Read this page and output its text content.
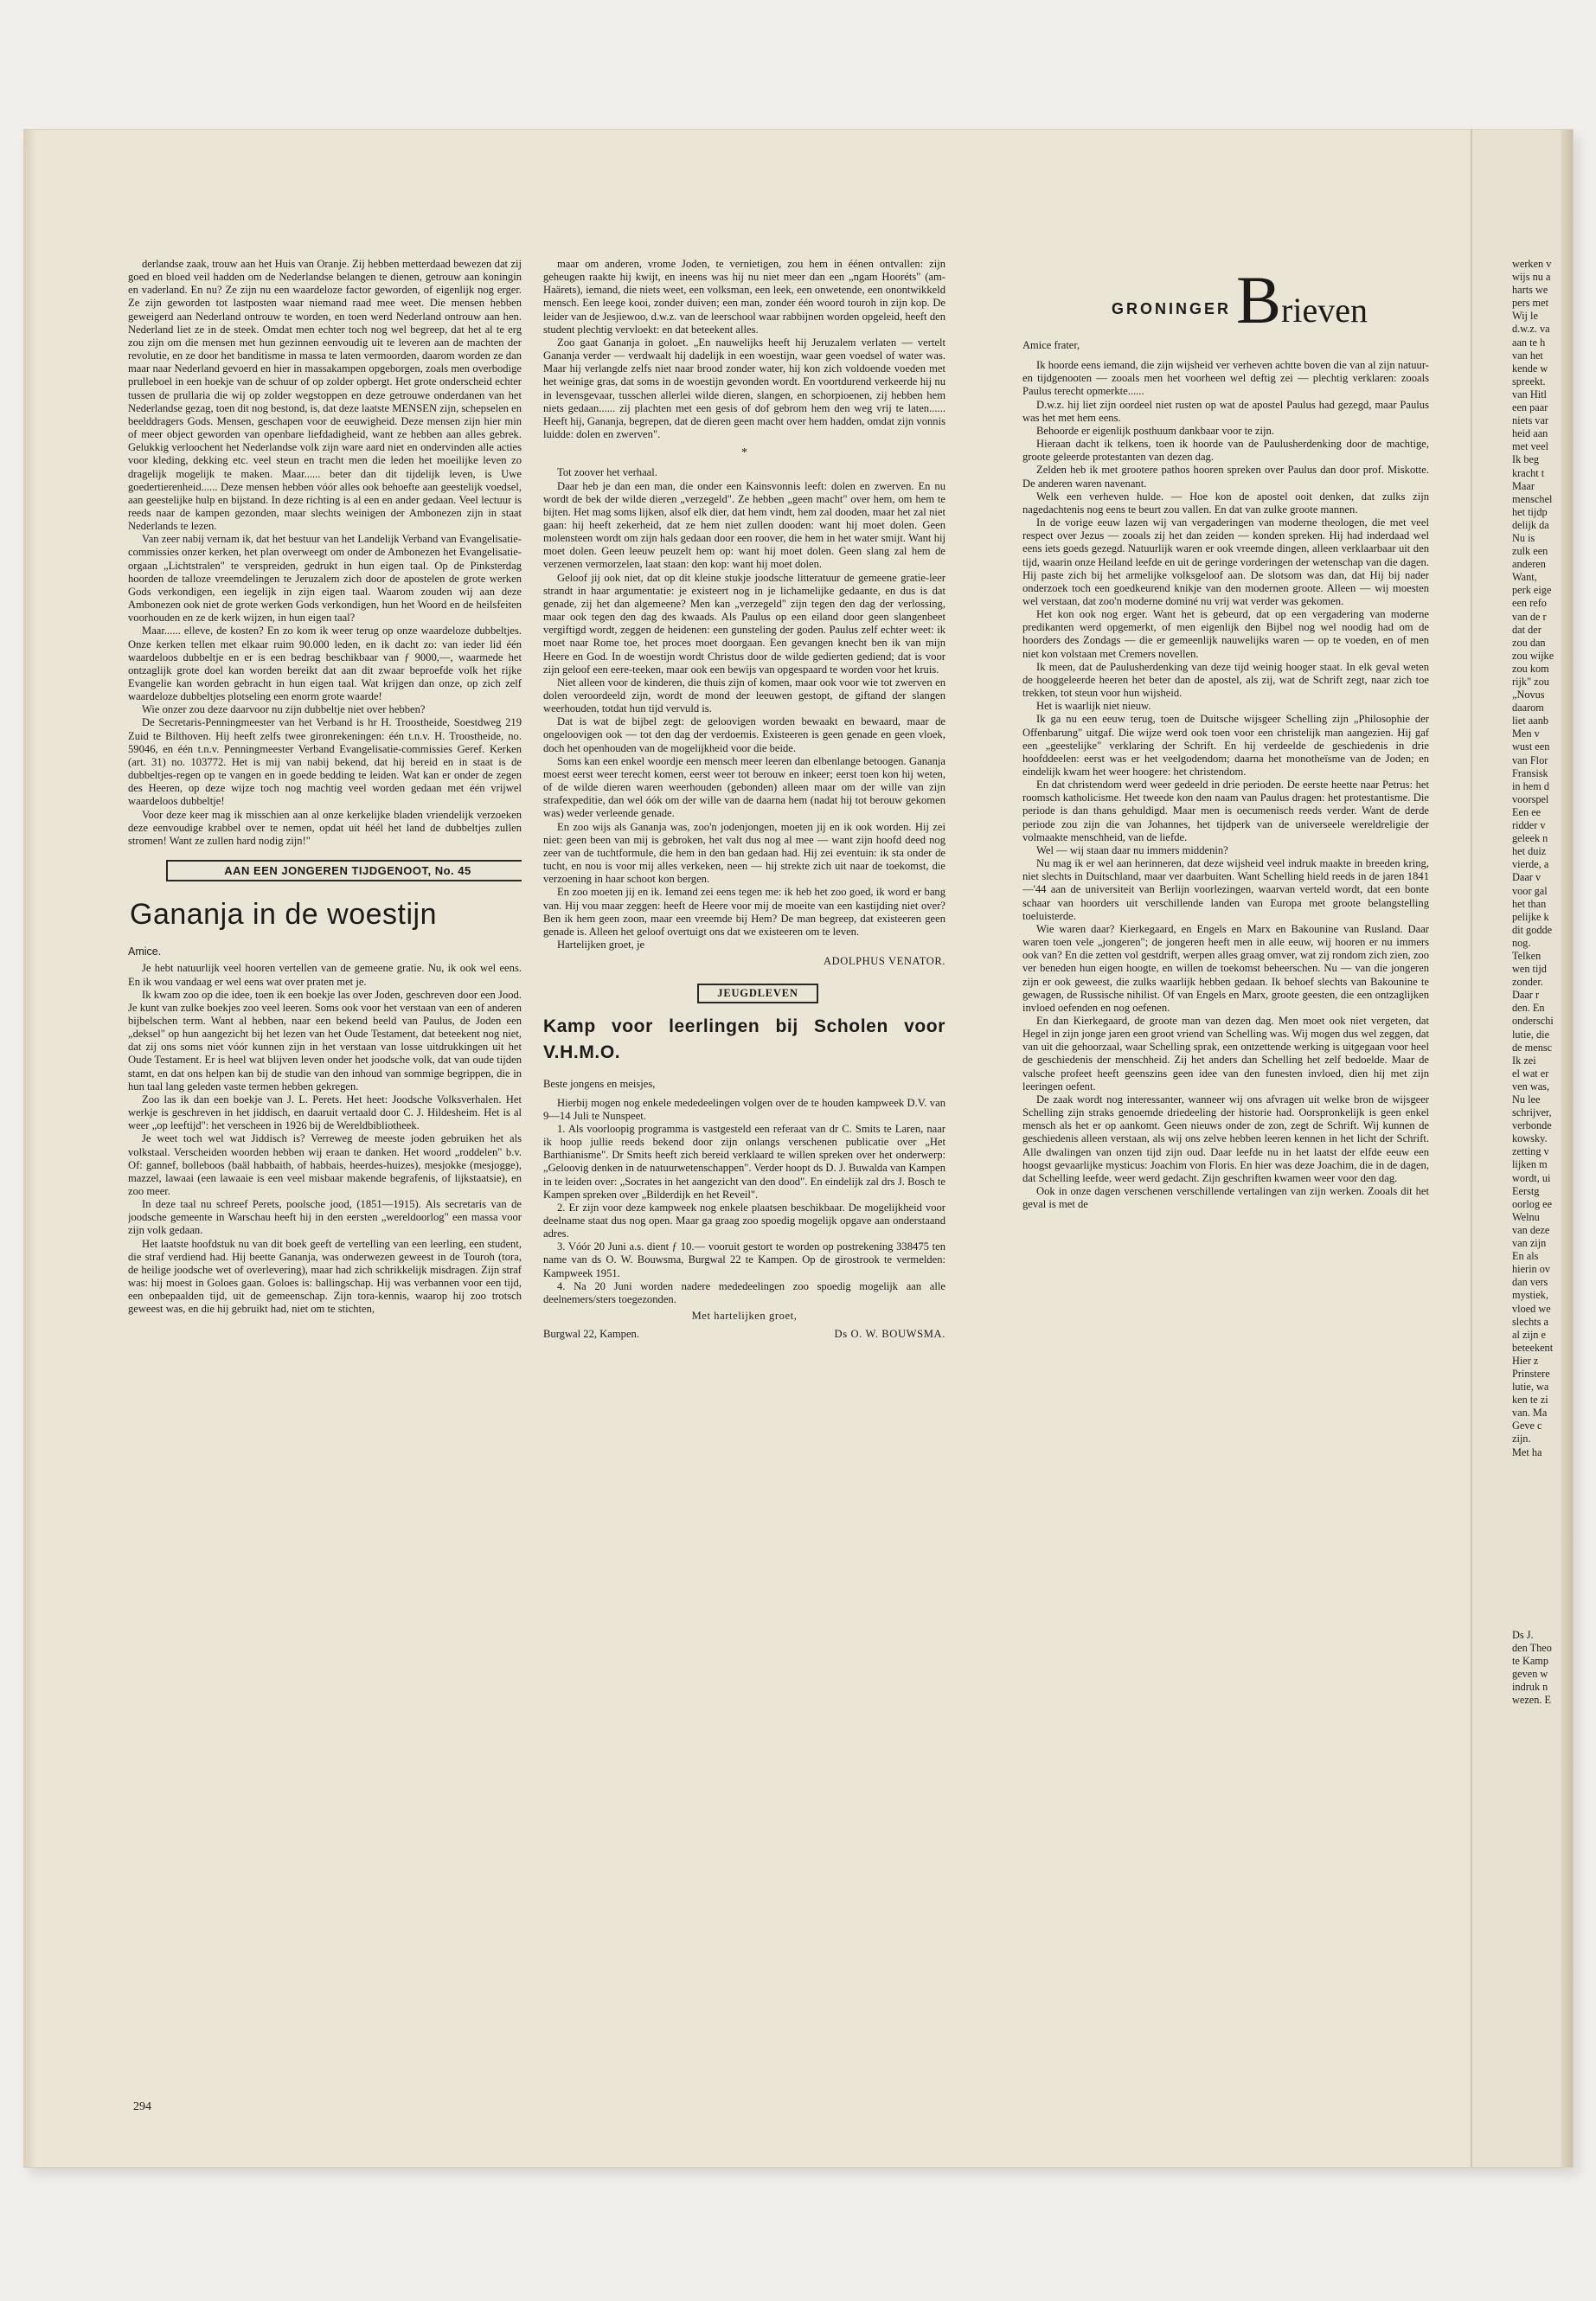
derlandse zaak, trouw aan het Huis van Oranje. Zij hebben metterdaad bewezen dat zij goed en bloed veil hadden om de Nederlandse belangen te dienen, getrouw aan koningin en vaderland. En nu? Ze zijn nu een waardeloze factor geworden, of eigenlijk nog erger. Ze zijn geworden tot lastposten waar niemand raad mee weet. Die mensen hebben geweigerd aan Nederland ontrouw te worden, en toen werd Nederland ontrouw aan hen. Nederland liet ze in de steek. Omdat men echter toch nog wel begreep, dat het al te erg zou zijn om die mensen met hun gezinnen eenvoudig uit te leveren aan de machten der revolutie, en ze door het banditisme in massa te laten vermoorden, daarom worden ze dan maar naar Nederland gevoerd en hier in massakampen opgeborgen, zoals men overbodige prulleboel in een hoekje van de schuur of op zolder opbergt. Het grote onderscheid echter tussen de prullaria die wij op zolder wegstoppen en deze getrouwe onderdanen van het Nederlandse gezag, toen dit nog bestond, is, dat deze laatste MENSEN zijn, schepselen en beelddragers Gods. Mensen, geschapen voor de eeuwigheid. Deze mensen zijn hier min of meer object geworden van openbare liefdadigheid, want ze hebben aan alles gebrek. Gelukkig verloochent het Nederlandse volk zijn ware aard niet en ondervinden alle acties voor kleding, dekking etc. veel steun en tracht men die leden het moeilijke leven zo dragelijk mogelijk te maken. Maar...... beter dan dit tijdelijk leven, is Uwe goedertierenheid...... Deze mensen hebben vóór alles ook behoefte aan geestelijk voedsel, aan geestelijke hulp en bijstand. In deze richting is al een en ander gedaan. Veel lectuur is reeds naar de kampen gezonden, maar slechts weinigen der Ambonezen zijn in staat Nederlands te lezen.

Van zeer nabij vernam ik, dat het bestuur van het Landelijk Verband van Evangelisatie-commissies onzer kerken, het plan overweegt om onder de Ambonezen het Evangelisatie-orgaan „Lichtstralen" te verspreiden, gedrukt in hun eigen taal. Op de Pinksterdag hoorden de talloze vreemdelingen te Jeruzalem zich door de apostelen de grote werken Gods verkondigen, een iegelijk in zijn eigen taal. Waarom zouden wij aan deze Ambonezen ook niet de grote werken Gods verkondigen, hun het Woord en de heilsfeiten voorhouden en ze de kerk wijzen, in hun eigen taal?

Maar...... elleve, de kosten? En zo kom ik weer terug op onze waardeloze dubbeltjes. Onze kerken tellen met elkaar ruim 90.000 leden, en ik dacht zo: van ieder lid één waardeloos dubbeltje en er is een bedrag beschikbaar van ƒ 9000,—, waarmede het ontzaglijk grote doel kan worden bereikt dat aan dit zwaar beproefde volk het rijke Evangelie kan worden gebracht in hun eigen taal. Wat krijgen dan onze, op zich zelf waardeloze dubbeltjes plotseling een enorm grote waarde!

Wie onzer zou deze daarvoor nu zijn dubbeltje niet over hebben?

De Secretaris-Penningmeester van het Verband is hr H. Troostheide, Soestdweg 219 Zuid te Bilthoven. Hij heeft zelfs twee gironrekeningen: één t.n.v. H. Troostheide, no. 59046, en één t.n.v. Penningmeester Verband Evangelisatie-commissies Geref. Kerken (art. 31) no. 103772. Het is mij van nabij bekend, dat hij bereid en in staat is de dubbeltjes-regen op te vangen en in goede bedding te leiden. Wat kan er onder de zegen des Heeren, op deze wijze toch nog machtig veel worden gedaan met één vrijwel waardeloos dubbeltje!

Voor deze keer mag ik misschien aan al onze kerkelijke bladen vriendelijk verzoeken deze eenvoudige krabbel over te nemen, opdat uit héél het land de dubbeltjes zullen stromen! Want ze zullen hard nodig zijn!"

AAN EEN JONGEREN TIJDGENOOT, No. 45
Gananja in de woestijn
Amice.

Je hebt natuurlijk veel hooren vertellen van de gemeene gratie. Nu, ik ook wel eens. En ik wou vandaag er wel eens wat over praten met je.

Ik kwam zoo op die idee, toen ik een boekje las over Joden, geschreven door een Jood. Je kunt van zulke boekjes zoo veel leeren. Soms ook voor het verstaan van een of anderen bijbelschen term. Want al hebben, naar een bekend beeld van Paulus, de Joden een „deksel" op hun aangezicht bij het lezen van het Oude Testament, dat beteekent nog niet, dat zij ons soms niet vóór kunnen zijn in het verstaan van losse uitdrukkingen uit het Oude Testament. Er is heel wat blijven leven onder het joodsche volk, dat van oude tijden stamt, en dat ons helpen kan bij de studie van den inhoud van sommige begrippen, die in hun taal lang geleden vaste termen hebben gekregen.

Zoo las ik dan een boekje van J. L. Perets. Het heet: Joodsche Volksverhalen. Het werkje is geschreven in het jiddisch, en daaruit vertaald door C. J. Hildesheim. Het is al weer „op leeftijd": het verscheen in 1926 bij de Wereldbibliotheek.

Je weet toch wel wat Jiddisch is? Verreweg de meeste joden gebruiken het als volkstaal. Verscheiden woorden hebben wij eraan te danken. Het woord „roddelen" b.v. Of: gannef, bolleboos (baäl habbaith, of habbais, heerdes-huizes), mesjokke (mesjogge), mazzel, lawaai (een lawaaie is een veel misbaar makende begrafenis, of lijkstaatsie), en zoo meer.

In deze taal nu schreef Perets, poolsche jood, (1851—1915). Als secretaris van de joodsche gemeente in Warschau heeft hij in den eersten „wereldoorlog" een massa voor zijn volk gedaan.

Het laatste hoofdstuk nu van dit boek geeft de vertelling van een leerling, een student, die straf verdiend had. Hij beette Gananja, was onderwezen geweest in de Touroh (tora, de heilige joodsche wet of overlevering), maar had zich schrikkelijk misdragen. Zijn straf was: hij moest in Goloes gaan. Goloes is: ballingschap. Hij was verbannen voor een tijd, een onbepaalden tijd, uit de gemeenschap. Zijn tora-kennis, waarop hij zoo trotsch geweest was, en die hij gebruikt had, niet om te stichten,

maar om anderen, vrome Joden, te vernietigen, zou hem in éénen ontvallen: zijn geheugen raakte hij kwijt, en ineens was hij nu niet meer dan een „ngam Hooréts" (am-Haärets), iemand, die niets weet, een volksman, een leek, een onwetende, een onontwikkeld mensch. Een leege kooi, zonder duiven; een man, zonder één woord touroh in zijn kop. De leider van de Jesjiewoo, d.w.z. van de leerschool waar rabbijnen worden opgeleid, heeft den student plechtig vervloekt: en dat beteekent alles.

Zoo gaat Gananja in goloet. „En nauwelijks heeft hij Jeruzalem verlaten — vertelt Gananja verder — verdwaalt hij dadelijk in een woestijn, waar geen voedsel of water was. Maar hij verlangde zelfs niet naar brood zonder water, hij kon zich voldoende voeden met het weinige gras, dat soms in de woestijn gevonden wordt. En voortdurend verkeerde hij nu in levensgevaar, tusschen allerlei wilde dieren, slangen, en schorpioenen, zij hebben hem niets gedaan...... zij plachten met een gesis of dof gebrom hem den weg vrij te laten...... Heeft hij, Gananja, begrepen, dat de dieren geen macht over hem hadden, omdat zijn vonnis luidde: dolen en zwerven".

*

Tot zoover het verhaal.

Daar heb je dan een man, die onder een Kainsvonnis leeft: dolen en zwerven. En nu wordt de bek der wilde dieren „verzegeld". Ze hebben „geen macht" over hem, om hem te bijten. Het mag soms lijken, alsof elk dier, dat hem vindt, hem zal dooden, maar het zal niet gaan: hij heeft zekerheid, dat ze hem niet zullen dooden: want hij moet dolen. Geen molensteen wordt om zijn hals gedaan door een roover, die hem in het water smijt. Want hij moet dolen. Geen leeuw peuzelt hem op: want hij moet dolen. Geen slang zal hem de verzenen vermorzelen, laat staan: den kop: want hij moet dolen.

Geloof jij ook niet, dat op dit kleine stukje joodsche litteratuur de gemeene gratie-leer strandt in haar argumentatie: je existeert nog in je lichamelijke gedaante, en dus is dat genade, zij het dan algemeene? Men kan „verzegeld" zijn tegen den dag der verlossing, maar ook tegen den dag des kwaads. Als Paulus op een eiland door geen slangenbeet vergiftigd wordt, zeggen de heidenen: een gunsteling der goden. Paulus zelf echter weet: ik moet naar Rome toe, het proces moet doorgaan. Een gevangen knecht ben ik van mijn Heere en God. In de woestijn wordt Christus door de wilde gedierten gediend; dat is voor zijn geloof een eere-teeken, maar ook een bewijs van opgespaard te worden voor het kruis.

Niet alleen voor de kinderen, die thuis zijn of komen, maar ook voor wie tot zwerven en dolen veroordeeld zijn, wordt de mond der leeuwen gestopt, de giftand der slangen weerhouden, totdat hun tijd vervuld is.

Dat is wat de bijbel zegt: de geloovigen worden bewaakt en bewaard, maar de ongeloovigen ook — tot den dag der verdoemis. Existeeren is geen genade en geen vloek, doch het openhouden van de mogelijkheid voor die beide.

Soms kan een enkel woordje een mensch meer leeren dan elbenlange betoogen. Gananja moest eerst weer terecht komen, eerst weer tot berouw en inkeer; eerst toen kon hij weten, of de wilde dieren waren weerhouden (gebonden) alleen maar om der wille van zijn strafexpeditie, dan wel óók om der wille van de daarna hem (nadat hij tot berouw gekomen was) weder verleende genade.

En zoo wijs als Gananja was, zoo'n jodenjongen, moeten jij en ik ook worden. Hij zei niet: geen been van mij is gebroken, het valt dus nog al mee — want zijn hoofd deed nog zeer van de tuchtformule, die hem in den ban gedaan had. Hij zei eventuin: ik sta onder de tucht, en nou is voor mij alles verkeken, neen — hij strekte zich uit naar de toekomst, die verzoening in haar schoot kon bergen.

En zoo moeten jij en ik. Iemand zei eens tegen me: ik heb het zoo goed, ik word er bang van. Hij vou maar zeggen: heeft de Heere voor mij de moeite van een kastijding niet over? Ben ik hem geen zoon, maar een vreemde bij Hem? De man begreep, dat existeeren geen genade is. Alleen het geloof overtuigt ons dat we existeeren om te leven.

Hartelijken groet, je

ADOLPHUS VENATOR.
JEUGDLEVEN
Kamp voor leerlingen bij Scholen voor V.H.M.O.
Beste jongens en meisjes,

Hierbij mogen nog enkele mededeelingen volgen over de te houden kampweek D.V. van 9—14 Juli te Nunspeet.

1. Als voorloopig programma is vastgesteld een referaat van dr C. Smits te Laren, naar ik hoop jullie reeds bekend door zijn onlangs verschenen publicatie over „Het Barthianisme". Dr Smits heeft zich bereid verklaard te willen spreken over het onderwerp: „Geloovig denken in de natuurwetenschappen". Verder hoopt ds D. J. Buwalda van Kampen in te leiden over: „Socrates in het aangezicht van den dood". En eindelijk zal drs J. Bosch te Kampen spreken over „Bilderdijk en het Reveil".

2. Er zijn voor deze kampweek nog enkele plaatsen beschikbaar. De mogelijkheid voor deelname staat dus nog open. Maar ga graag zoo spoedig mogelijk opgave aan onderstaand adres.

3. Vóór 20 Juni a.s. dient ƒ 10.— vooruit gestort te worden op postrekening 338475 ten name van ds O. W. Bouwsma, Burgwal 22 te Kampen. Op de girostrook te vermelden: Kampweek 1951.

4. Na 20 Juni worden nadere mededeelingen zoo spoedig mogelijk aan alle deelnemers/sters toegezonden.

Met hartelijken groet,
Burgwal 22, Kampen.	Ds O. W. BOUWSMA.
GRONINGER B rieven
Amice frater,

Ik hoorde eens iemand, die zijn wijsheid ver verheven achtte boven die van al zijn natuur- en tijdgenooten — zooals men het voorheen wel deftig zei — plechtig verklaren: zooals Paulus terecht opmerkte......

D.w.z. hij liet zijn oordeel niet rusten op wat de apostel Paulus had gezegd, maar Paulus was het met hem eens.

Behoorde er eigenlijk posthuum dankbaar voor te zijn.

Hieraan dacht ik telkens, toen ik hoorde van de Paulusherdenking door de machtige, groote geleerde protestanten van dezen dag.

Zelden heb ik met grootere pathos hooren spreken over Paulus dan door prof. Miskotte. De anderen waren navenant.

Welk een verheven hulde. — Hoe kon de apostel ooit denken, dat zulks zijn nagedachtenis nog eens te beurt zou vallen. En dat van zulke groote mannen.

In de vorige eeuw lazen wij van vergaderingen van moderne theologen, die met veel respect over Jezus — zooals zij het dan zeiden — konden spreken. Hij had inderdaad wel eens iets goeds gezegd. Natuurlijk waren er ook vreemde dingen, alleen verklaarbaar uit den tijd, waarin onze Heiland leefde en uit de geringe vorderingen der wetenschap van die dagen. Hij paste zich bij het armelijke volksgeloof aan. De slotsom was dan, dat Hij bij nader onderzoek toch een goedkeurend knikje van den modernen groote. Alleen — wij moesten wel verstaan, dat zoo'n moderne dominé nu vrij wat verder was gekomen.

Het kon ook nog erger. Want het is gebeurd, dat op een vergadering van moderne predikanten werd opgemerkt, of men eigenlijk den Bijbel nog wel noodig had om de hoorders des Zondags — die er gemeenlijk nauwelijks waren — op te voeden, en of men niet kon volstaan met Cremers novellen.

Ik meen, dat de Paulusherdenking van deze tijd weinig hooger staat. In elk geval weten de hooggeleerde heeren het beter dan de apostel, als zij, wat de Schrift zegt, naar zich toe trekken, tot steun voor hun wijsheid.

Het is waarlijk niet nieuw.

Ik ga nu een eeuw terug, toen de Duitsche wijsgeer Schelling zijn „Philosophie der Offenbarung" uitgaf. Die wijze werd ook toen voor een christelijk man aangezien. Hij gaf een „geestelijke" verklaring der Schrift. En hij verdeelde de geschiedenis in drie hoofddeelen: eerst was er het veelgodendom; daarna het monotheïsme van de Joden; en eindelijk kwam het weer hoogere: het christendom.

En dat christendom werd weer gedeeld in drie perioden. De eerste heette naar Petrus: het roomsch katholicisme. Het tweede kon den naam van Paulus dragen: het protestantisme. Die periode is dan thans gehuldigd. Maar men is oecumenisch reeds verder. Want de derde periode zou zijn die van Johannes, het tijdperk van de universeele wereldreligie der volmaakte menschheid, van de liefde.

Wel — wij staan daar nu immers middenin?

Nu mag ik er wel aan herinneren, dat deze wijsheid veel indruk maakte in breeden kring, niet slechts in Duitschland, maar ver daarbuiten. Want Schelling hield reeds in de jaren 1841—'44 aan de universiteit van Berlijn voorlezingen, waarvan verteld wordt, dat een bonte schaar van hoorders uit verschillende landen van Europa met groote belangstelling toeluisterde.

Wie waren daar? Kierkegaard, en Engels en Marx en Bakounine van Rusland. Daar waren toen vele „jongeren"; de jongeren heeft men in alle eeuw, wij hooren er nu immers ook van? En die zetten vol gestdrift, werpen alles graag omver, wat zij rondom zich zien, zoo ver beneden hun eigen hoogte, en willen de toekomst beheerschen. Nu — van die jongeren zijn er ook geweest, die zulks waarlijk hebben gedaan. Ik behoef slechts van Bakounine te gewagen, de Russische nihilist. Of van Engels en Marx, groote geesten, die een ontzaglijken invloed oefenden en nog oefenen.

En dan Kierkegaard, de groote man van dezen dag. Men moet ook niet vergeten, dat Hegel in zijn jonge jaren een groot vriend van Schelling was. Wij mogen dus wel zeggen, dat van uit die gehoorzaal, waar Schelling sprak, een ontzettende werking is uitgegaan voor heel de geschiedenis der menschheid. Zij het anders dan Schelling het zelf bedoelde. Maar de valsche profeet heeft geenszins geen idee van den funesten invloed, dien hij met zijn leeringen oefent.

De zaak wordt nog interessanter, wanneer wij ons afvragen uit welke bron de wijsgeer Schelling zijn straks genoemde driedeeling der historie had. Oorspronkelijk is geen enkel mensch als het er op aankomt. Geen nieuws onder de zon, zegt de Schrift. Wij kunnen de geschiedenis alleen verstaan, als wij ons zelve hebben leeren kennen in het licht der Schrift. Alle dwalingen van onzen tijd zijn oud. Daar leefde nu in het laatst der elfde eeuw een hoogst gevaarlijke mysticus: Joachim von Floris. En hier was deze Joachim, die in de dagen, dat Schelling leefde, weer werd gedacht. Zijn geschriften kwamen weer voor den dag.

Ook in onze dagen verschenen verschillende vertalingen van zijn werken. Zooals dit het geval is met de

werken v
wijs nu a
harts we
pers met
Wij le
d.w.z. va
aan te h
van het
kende w
spreekt.
van Hitl
een paar
niets var
heid aan
met veel
Ik beg
kracht t
Maar
menschel
het tijdp
delijk da
Nu is
zulk een
anderen
Want,
perk eige
een refo
van de r
dat der
zou dan
zou wijke
zou kom
rijk" zou
„Novus
daarom
liet aanb
Men v
wust een
van Flor
Fransisk
in hem d
voorspel
Een ee
ridder v
geleek n
het duiz
vierde, a
Daar v
voor gal
het than
pelijke k
dit godde
nog.
Telken
wen tijd
zonder.
Daar r
den. En
onderschi
lutie, die
de mensc
Ik zei
el wat er
ven was,
Nu lee
schrijver,
verbonde
kowsky.
zetting v
lijken m
wordt, ui
Eerstg
oorlog ee
Welnu
van deze
van zijn
En als
hierin ov
dan vers
mystiek,
vloed we
slechts a
al zijn e
beteekent
Hier z
Prinstere
lutie, wa
ken te zi
van. Ma
Geve c
zijn.
Met ha
Ds J.
den Theo
te Kamp
geven w
indruk n
wezen. E
294
